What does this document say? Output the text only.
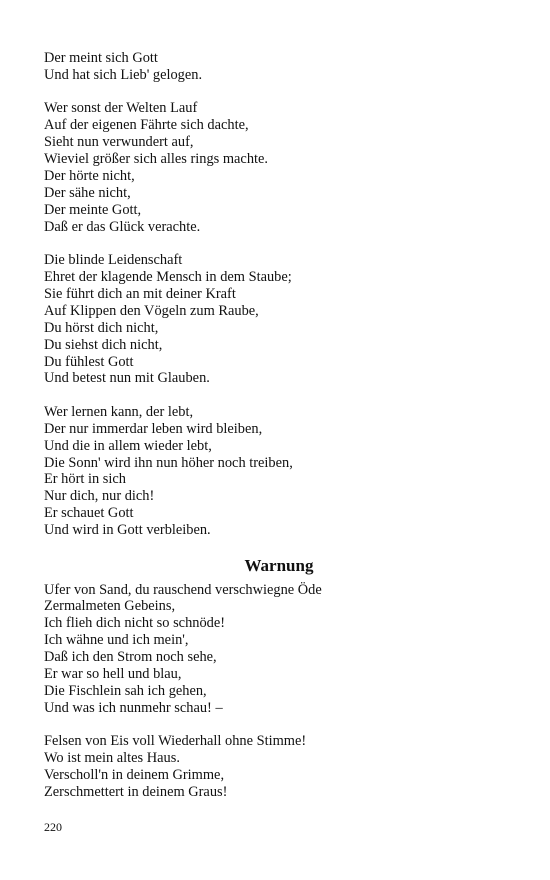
Der meint sich Gott
Und hat sich Lieb' gelogen.
Wer sonst der Welten Lauf
Auf der eigenen Fährte sich dachte,
Sieht nun verwundert auf,
Wieviel größer sich alles rings machte.
Der hörte nicht,
Der sähe nicht,
Der meinte Gott,
Daß er das Glück verachte.
Die blinde Leidenschaft
Ehret der klagende Mensch in dem Staube;
Sie führt dich an mit deiner Kraft
Auf Klippen den Vögeln zum Raube,
Du hörst dich nicht,
Du siehst dich nicht,
Du fühlest Gott
Und betest nun mit Glauben.
Wer lernen kann, der lebt,
Der nur immerdar leben wird bleiben,
Und die in allem wieder lebt,
Die Sonn' wird ihn nun höher noch treiben,
Er hört in sich
Nur dich, nur dich!
Er schauet Gott
Und wird in Gott verbleiben.
Warnung
Ufer von Sand, du rauschend verschwiegne Öde
Zermalmeten Gebeins,
Ich flieh dich nicht so schnöde!
Ich wähne und ich mein',
Daß ich den Strom noch sehe,
Er war so hell und blau,
Die Fischlein sah ich gehen,
Und was ich nunmehr schau! –
Felsen von Eis voll Wiederhall ohne Stimme!
Wo ist mein altes Haus.
Verscholl'n in deinem Grimme,
Zerschmettert in deinem Graus!
220
